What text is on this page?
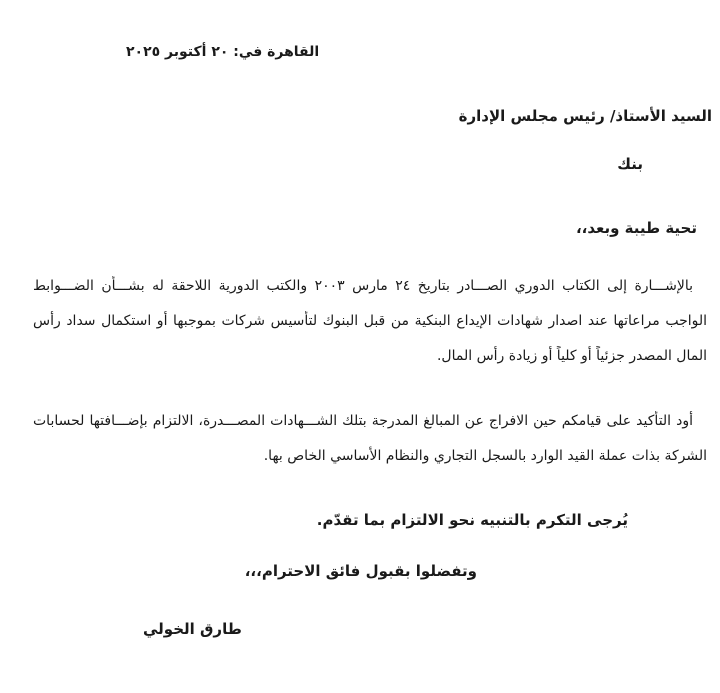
القاهرة في: ٢٠ أكتوبر ٢٠٢٥
السيد الأستاذ/ رئيس مجلس الإدارة
بنك
تحية طيبة وبعد،،
بالإشـــارة إلى الكتاب الدوري الصـــادر بتاريخ ٢٤ مارس ٢٠٠٣ والكتب الدورية اللاحقة له بشـــأن الضـــوابط
الواجب مراعاتها عند اصدار شهادات الإيداع البنكية من قبل البنوك لتأسيس شركات بموجبها أو استكمال سداد رأس
المال المصدر جزئياً أو كلياً أو زيادة رأس المال.
أود التأكيد على قيامكم حين الافراج عن المبالغ المدرجة بتلك الشـــهادات المصـــدرة، الالتزام بإضـــافتها لحسابات
الشركة بذات عملة القيد الوارد بالسجل التجاري والنظام الأساسي الخاص بها.
يُرجى التكرم بالتنبيه نحو الالتزام بما تقدّم.
وتفضلوا بقبول فائق الاحترام،،،
طارق الخولي
